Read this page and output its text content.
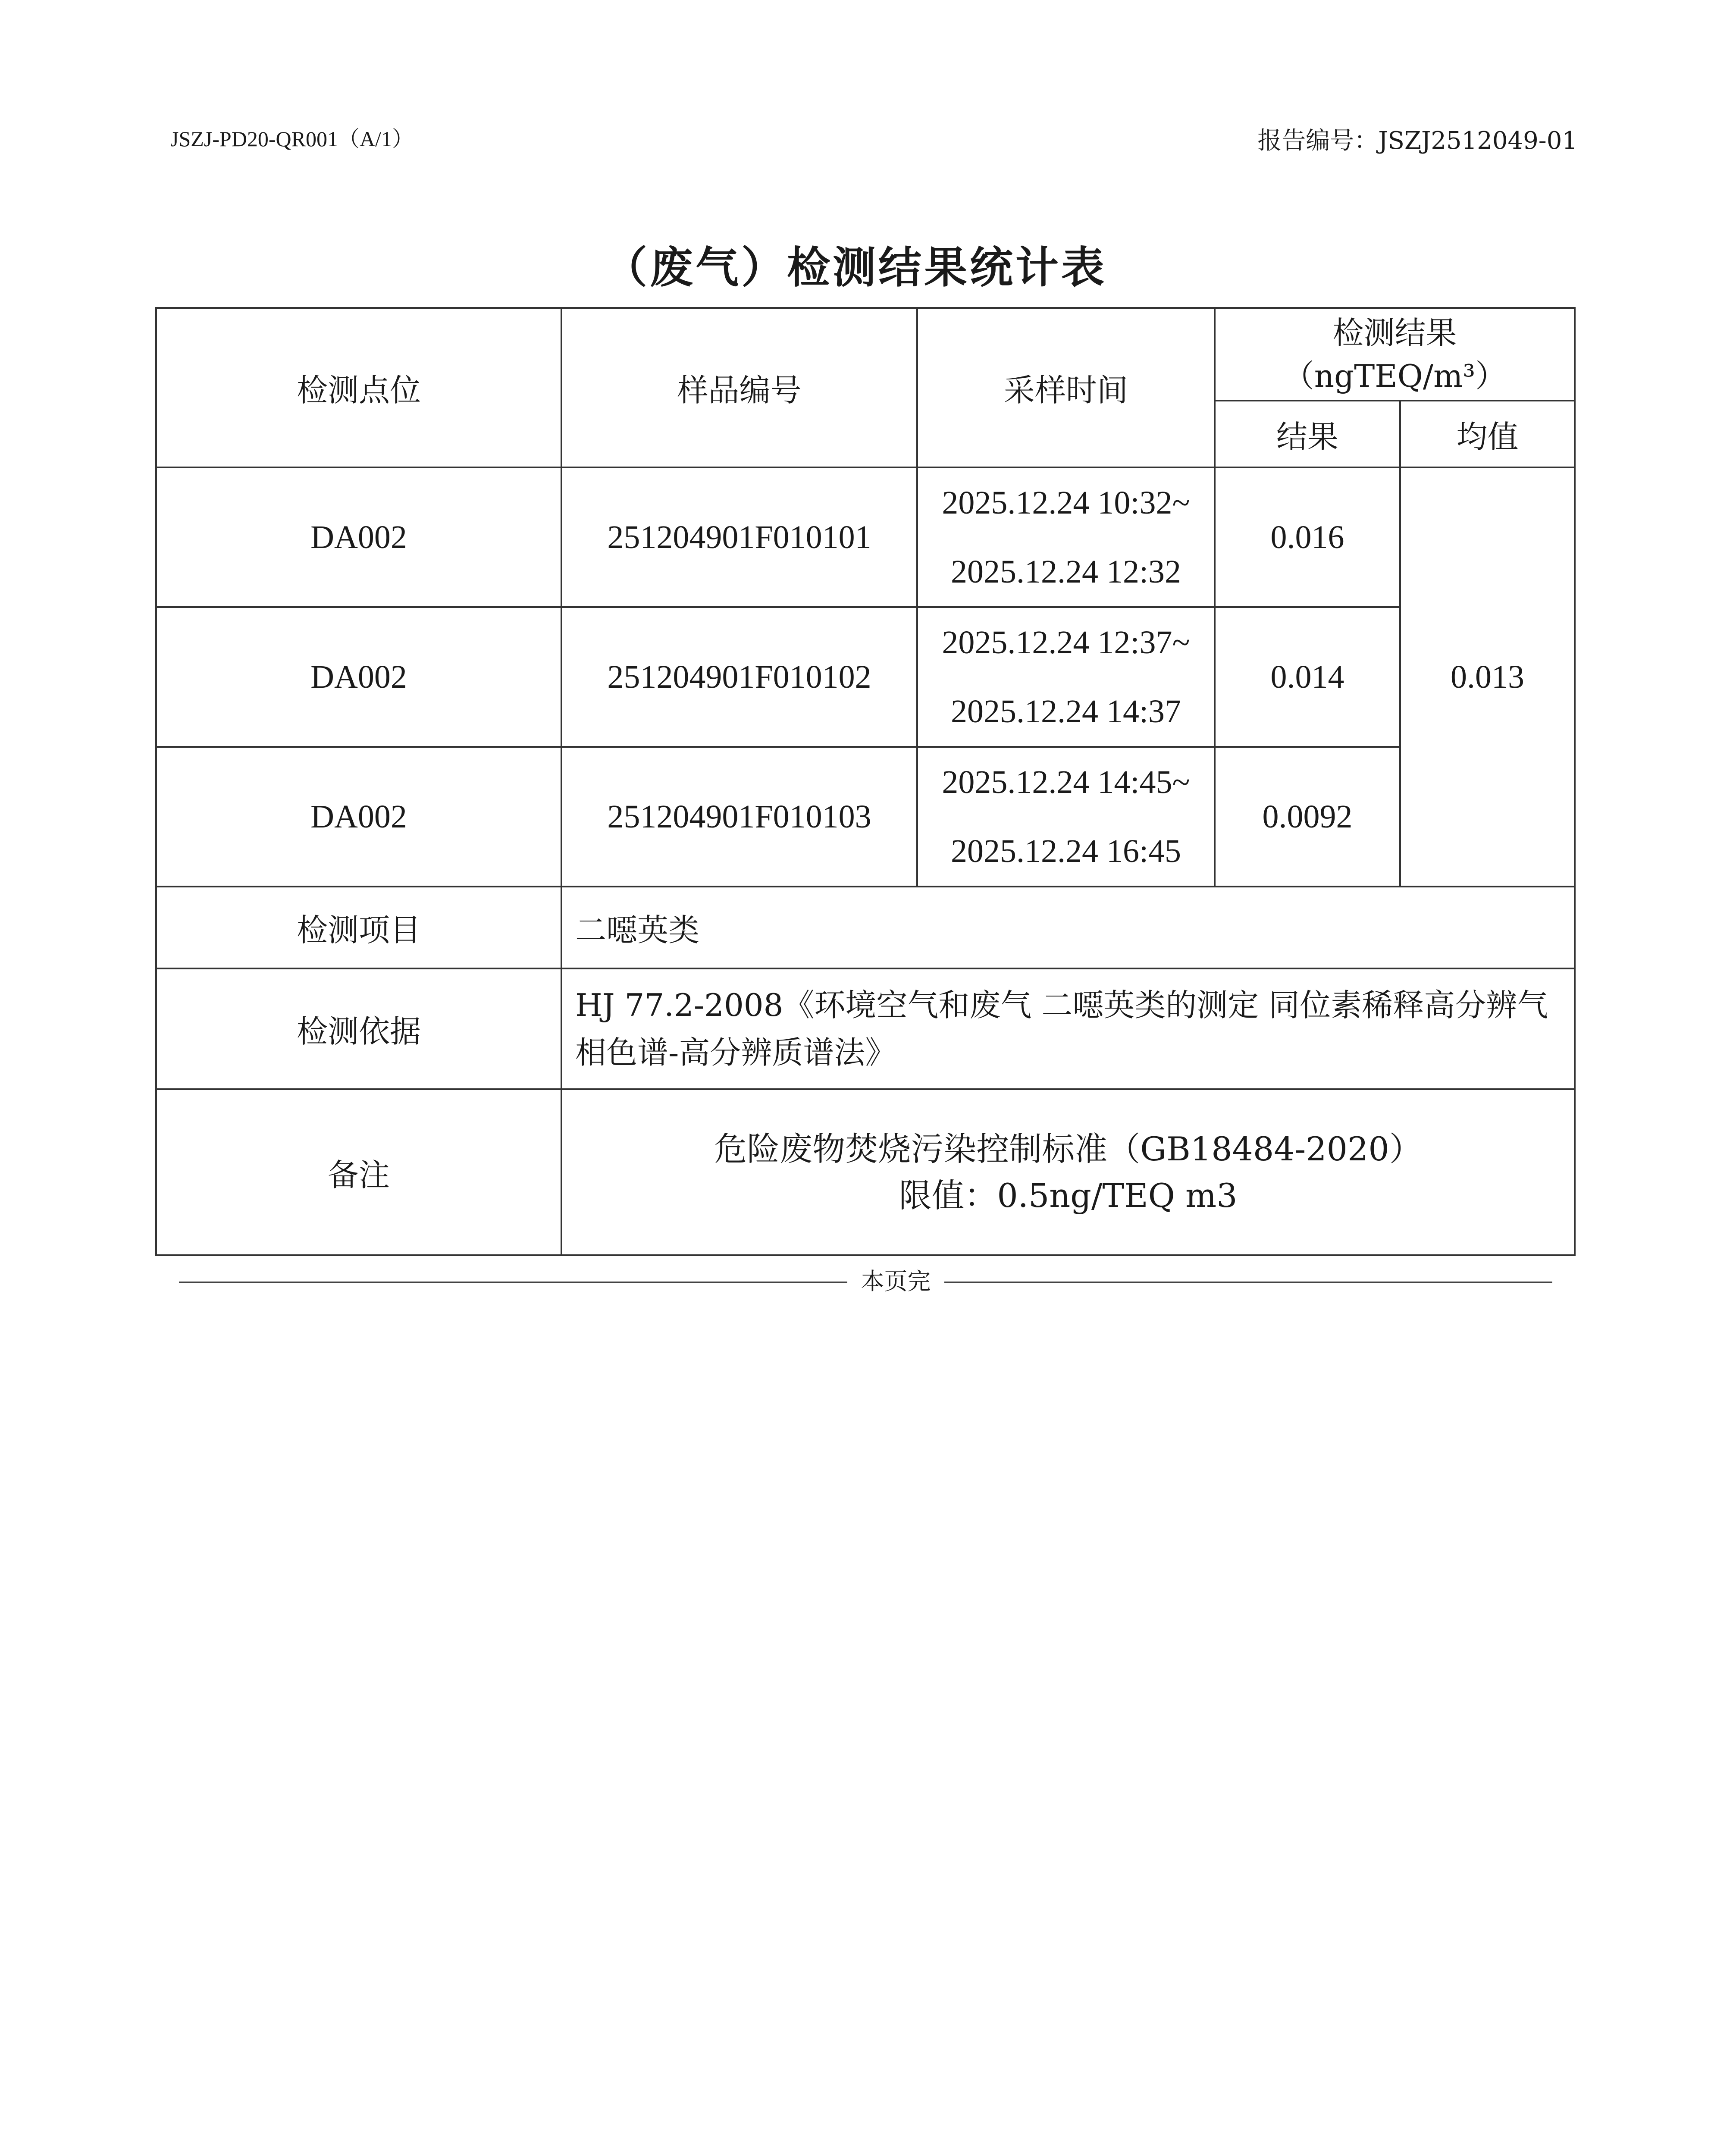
JSZJ-PD20-QR001（A/1）	报告编号：JSZJ2512049-01
（废气）检测结果统计表
检测点位	样品编号	采样时间	检测结果
（ngTEQ/m³）	

			结果	均值
DA002	251204901F010101	2025.12.24 10:32~
2025.12.24 12:32	0.016	0.013
DA002	251204901F010102	2025.12.24 12:37~
2025.12.24 14:37	0.014	
DA002	251204901F010103	2025.12.24 14:45~
2025.12.24 16:45	0.0092	
检测项目	二噁英类			
检测依据	HJ 77.2-2008《环境空气和废气 二噁英类的测定 同位素稀释高分辨气相色谱-高分辨质谱法》			
备注	危险废物焚烧污染控制标准（GB18484-2020）
限值：0.5ng/TEQ m3			
本页完
